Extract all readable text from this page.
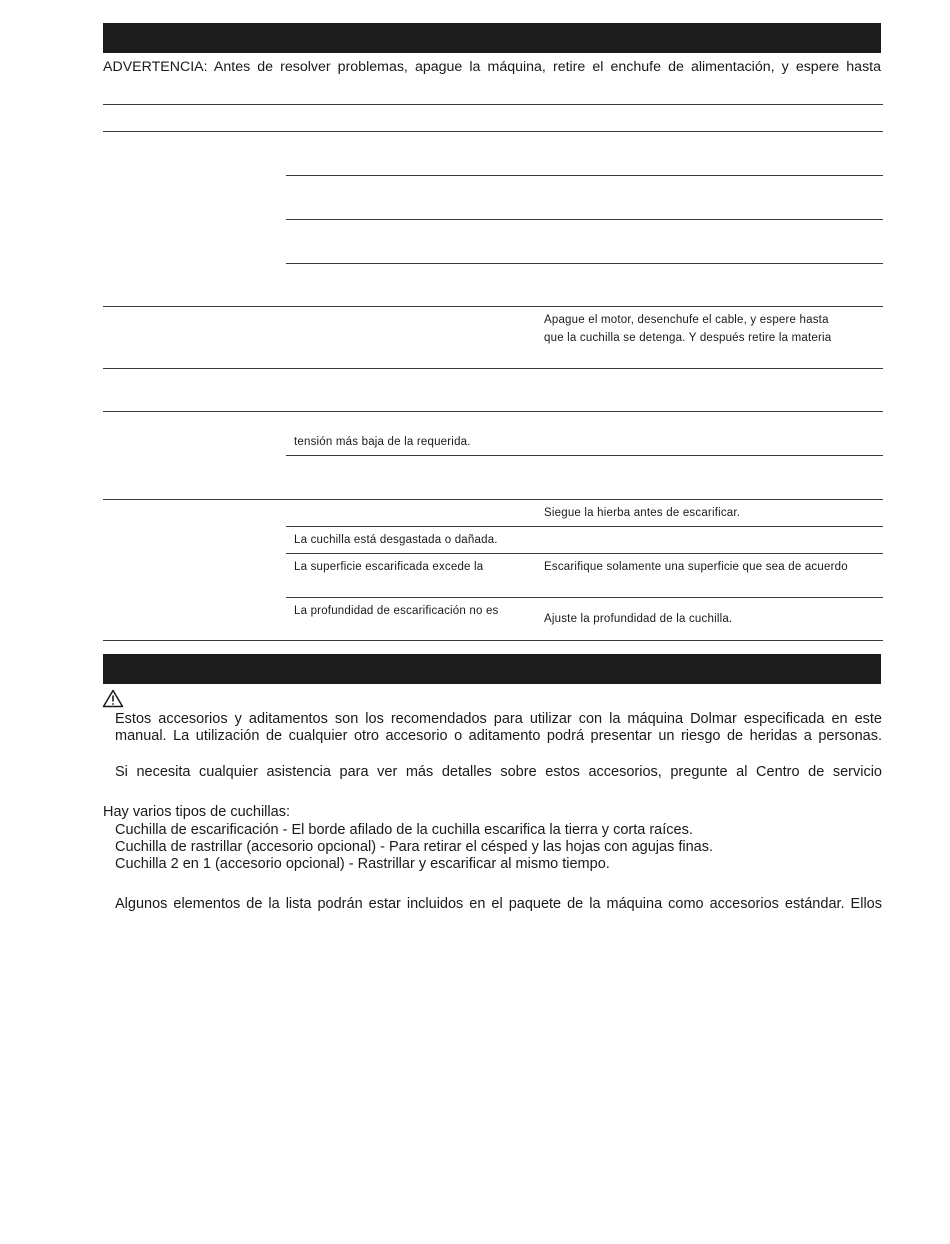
ADVERTENCIA: Antes de resolver problemas, apague la máquina, retire el enchufe de alimentación, y espere hasta
Apague el motor, desenchufe el cable, y espere hasta
que la cuchilla se detenga. Y después retire la materia
tensión más baja de la requerida.
Siegue la hierba antes de escarificar.
La cuchilla está desgastada o dañada.
La superficie escarificada excede la	Escarifique solamente una superficie que sea de acuerdo
La profundidad de escarificación no es
Ajuste la profundidad de la cuchilla.
Estos accesorios y aditamentos son los recomendados para utilizar con la máquina Dolmar especificada en este
manual. La utilización de cualquier otro accesorio o aditamento podrá presentar un riesgo de heridas a personas.
Si necesita cualquier asistencia para ver más detalles sobre estos accesorios, pregunte al Centro de servicio
Hay varios tipos de cuchillas:
Cuchilla de escarificación - El borde afilado de la cuchilla escarifica la tierra y corta raíces.
Cuchilla de rastrillar (accesorio opcional) - Para retirar el césped y las hojas con agujas finas.
Cuchilla 2 en 1 (accesorio opcional) - Rastrillar y escarificar al mismo tiempo.
Algunos elementos de la lista podrán estar incluidos en el paquete de la máquina como accesorios estándar. Ellos
